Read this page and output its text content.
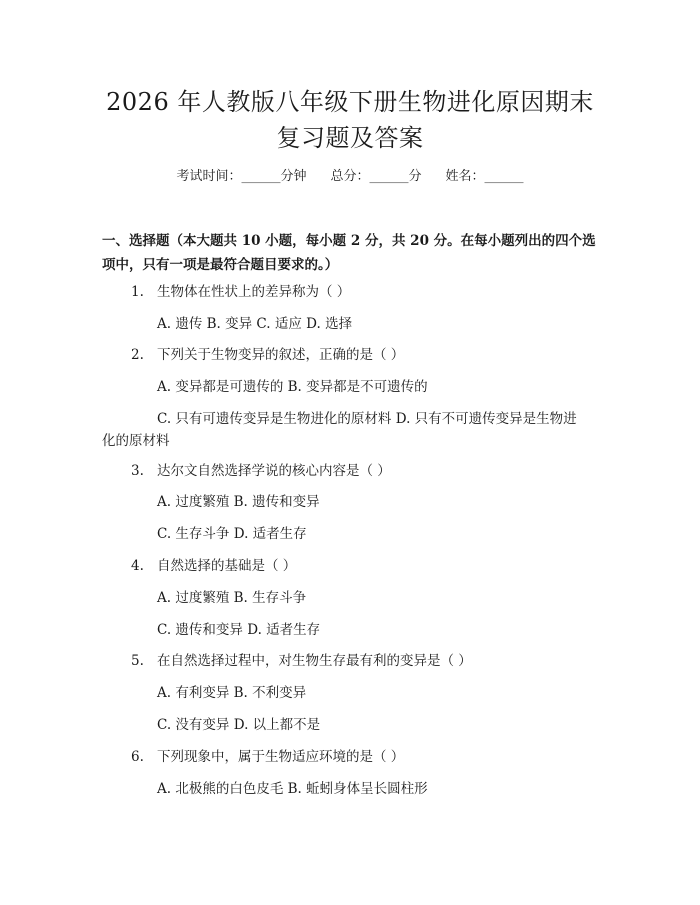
2026 年人教版八年级下册生物进化原因期末
复习题及答案
考试时间：______分钟 总分：______分 姓名：______
一、选择题（本大题共 10 小题，每小题 2 分，共 20 分。在每小题列出的四个选
项中，只有一项是最符合题目要求的。）
1. 生物体在性状上的差异称为（ ）
A. 遗传 B. 变异 C. 适应 D. 选择
2. 下列关于生物变异的叙述，正确的是（ ）
A. 变异都是可遗传的 B. 变异都是不可遗传的
C. 只有可遗传变异是生物进化的原材料 D. 只有不可遗传变异是生物进
化的原材料
3. 达尔文自然选择学说的核心内容是（ ）
A. 过度繁殖 B. 遗传和变异
C. 生存斗争 D. 适者生存
4. 自然选择的基础是（ ）
A. 过度繁殖 B. 生存斗争
C. 遗传和变异 D. 适者生存
5. 在自然选择过程中，对生物生存最有利的变异是（ ）
A. 有利变异 B. 不利变异
C. 没有变异 D. 以上都不是
6. 下列现象中，属于生物适应环境的是（ ）
A. 北极熊的白色皮毛 B. 蚯蚓身体呈长圆柱形
